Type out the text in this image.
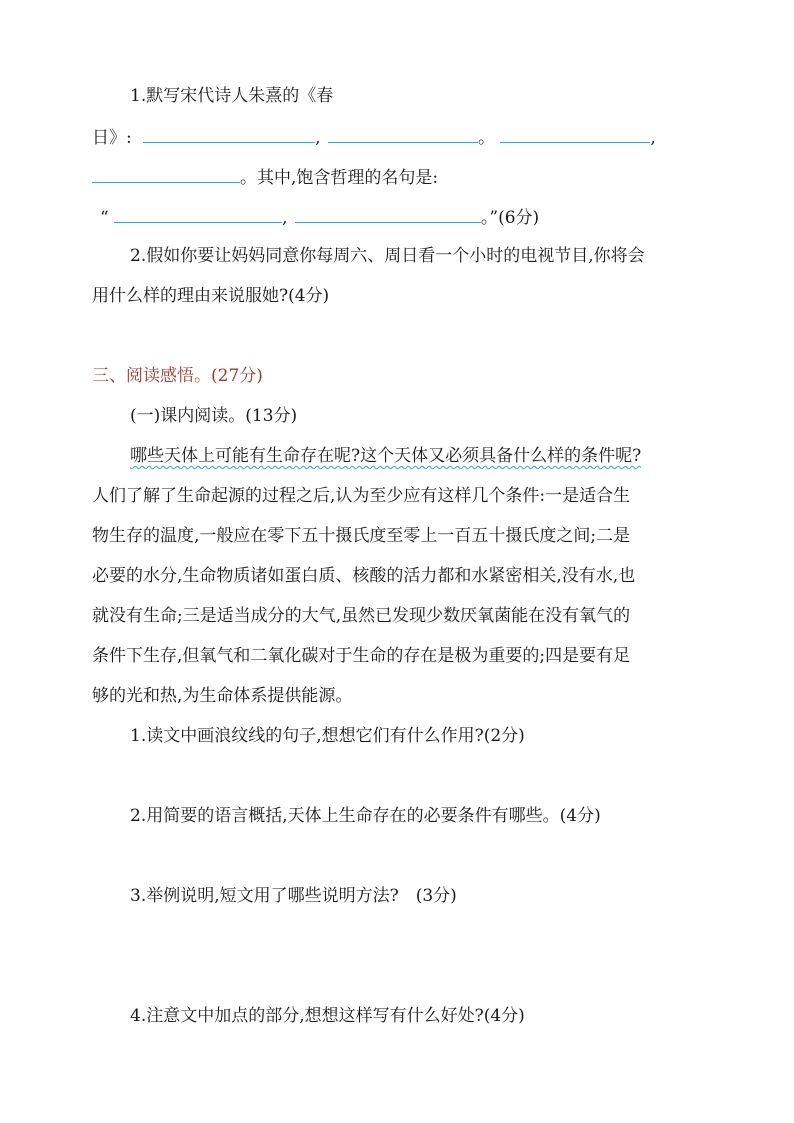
1.默写宋代诗人朱熹的《春
日》:	,	。	,
。其中,饱含哲理的名句是:
“	,	。”(6分)
2.假如你要让妈妈同意你每周六、周日看一个小时的电视节目,你将会
用什么样的理由来说服她?(4分)
三、阅读感悟。(27分)
(一)课内阅读。(13分)
哪些天体上可能有生命存在呢?这个天体又必须具备什么样的条件呢?
人们了解了生命起源的过程之后,认为至少应有这样几个条件:一是适合生
物生存的温度,一般应在零下五十摄氏度至零上一百五十摄氏度之间;二是
必要的水分,生命物质诸如蛋白质、核酸的活力都和水紧密相关,没有水,也
就没有生命;三是适当成分的大气,虽然已发现少数厌氧菌能在没有氧气的
条件下生存,但氧气和二氧化碳对于生命的存在是极为重要的;四是要有足
够的光和热,为生命体系提供能源。
1.读文中画浪纹线的句子,想想它们有什么作用?(2分)
2.用简要的语言概括,天体上生命存在的必要条件有哪些。(4分)
3.举例说明,短文用了哪些说明方法?　(3分)
4.注意文中加点的部分,想想这样写有什么好处?(4分)
